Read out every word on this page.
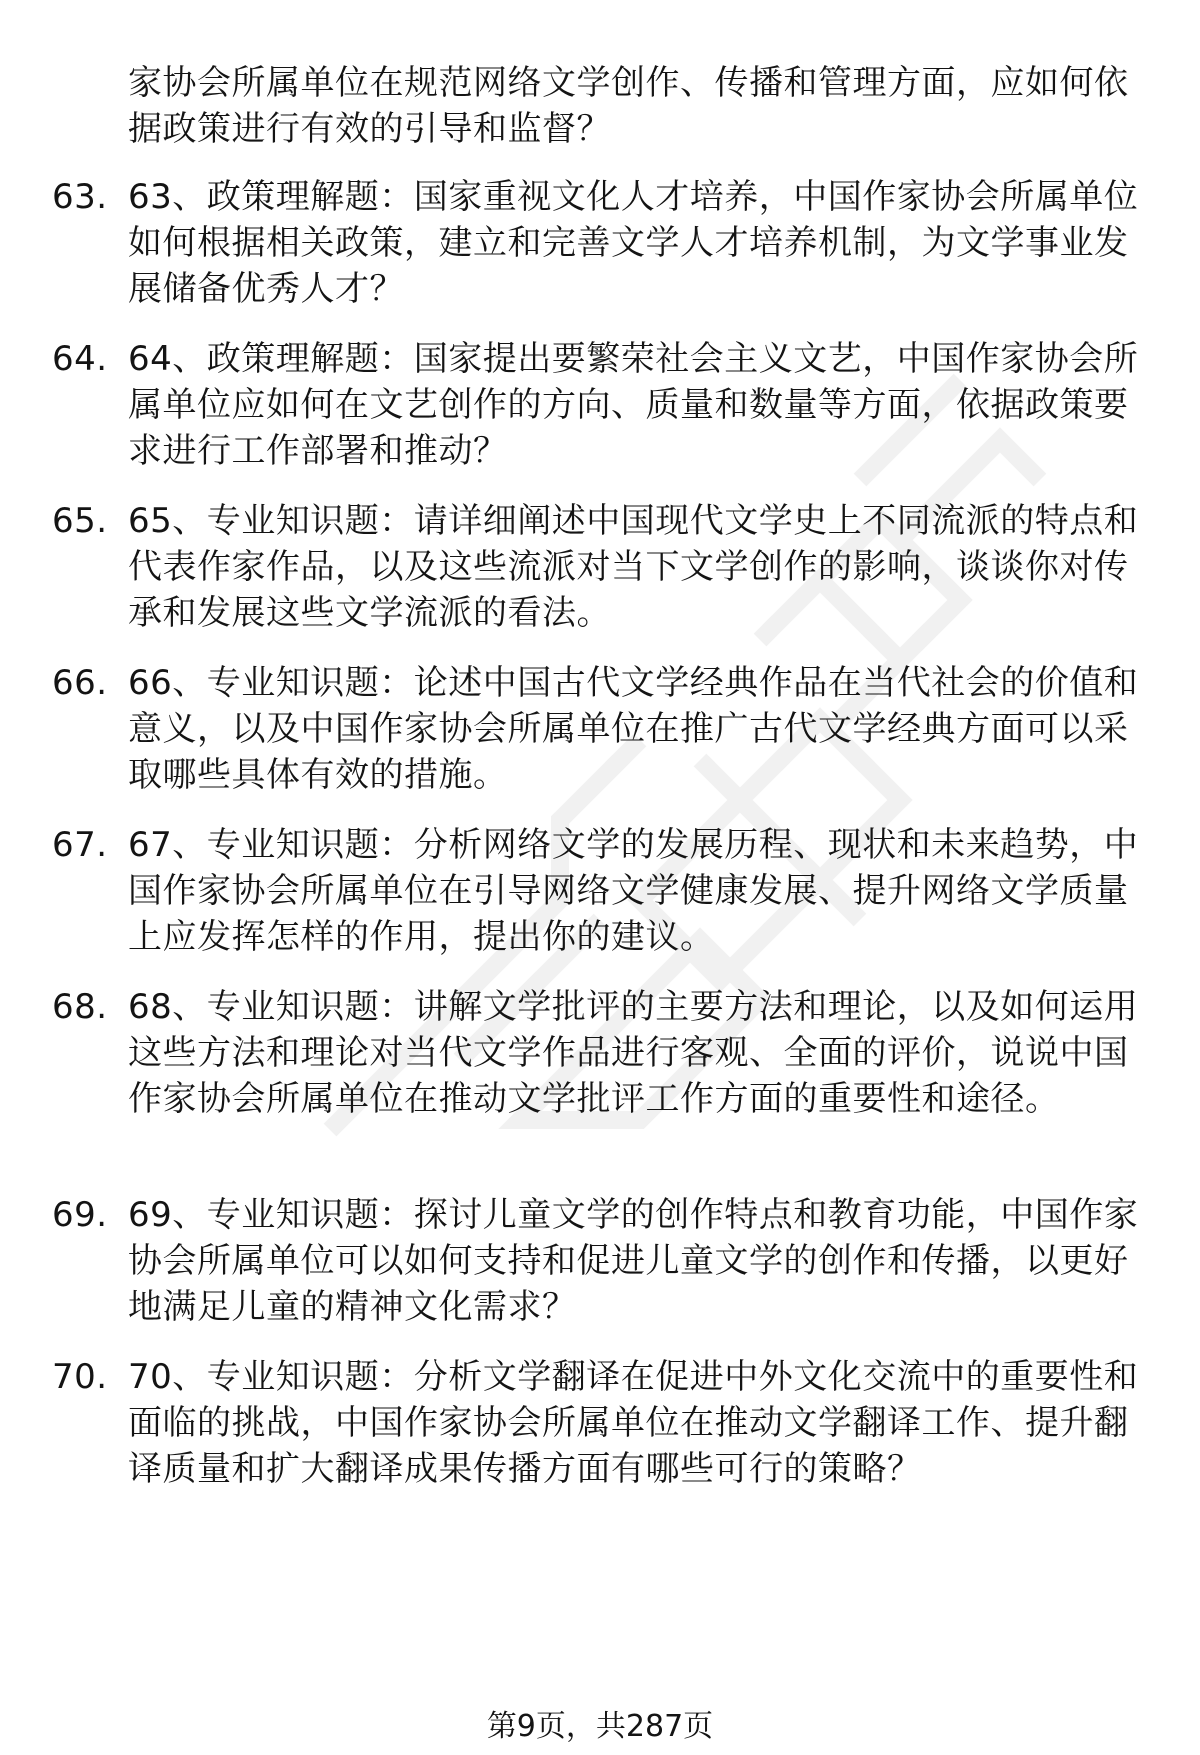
家协会所属单位在规范网络文学创作、传播和管理方面，应如何依据政策进行有效的引导和监督？
63. 63、政策理解题：国家重视文化人才培养，中国作家协会所属单位如何根据相关政策，建立和完善文学人才培养机制，为文学事业发展储备优秀人才？
64. 64、政策理解题：国家提出要繁荣社会主义文艺，中国作家协会所属单位应如何在文艺创作的方向、质量和数量等方面，依据政策要求进行工作部署和推动？
65. 65、专业知识题：请详细阐述中国现代文学史上不同流派的特点和代表作家作品，以及这些流派对当下文学创作的影响，谈谈你对传承和发展这些文学流派的看法。
66. 66、专业知识题：论述中国古代文学经典作品在当代社会的价值和意义，以及中国作家协会所属单位在推广古代文学经典方面可以采取哪些具体有效的措施。
67. 67、专业知识题：分析网络文学的发展历程、现状和未来趋势，中国作家协会所属单位在引导网络文学健康发展、提升网络文学质量上应发挥怎样的作用，提出你的建议。
68. 68、专业知识题：讲解文学批评的主要方法和理论，以及如何运用这些方法和理论对当代文学作品进行客观、全面的评价，说说中国作家协会所属单位在推动文学批评工作方面的重要性和途径。
69. 69、专业知识题：探讨儿童文学的创作特点和教育功能，中国作家协会所属单位可以如何支持和促进儿童文学的创作和传播，以更好地满足儿童的精神文化需求？
70. 70、专业知识题：分析文学翻译在促进中外文化交流中的重要性和面临的挑战，中国作家协会所属单位在推动文学翻译工作、提升翻译质量和扩大翻译成果传播方面有哪些可行的策略？
第9页，共287页
